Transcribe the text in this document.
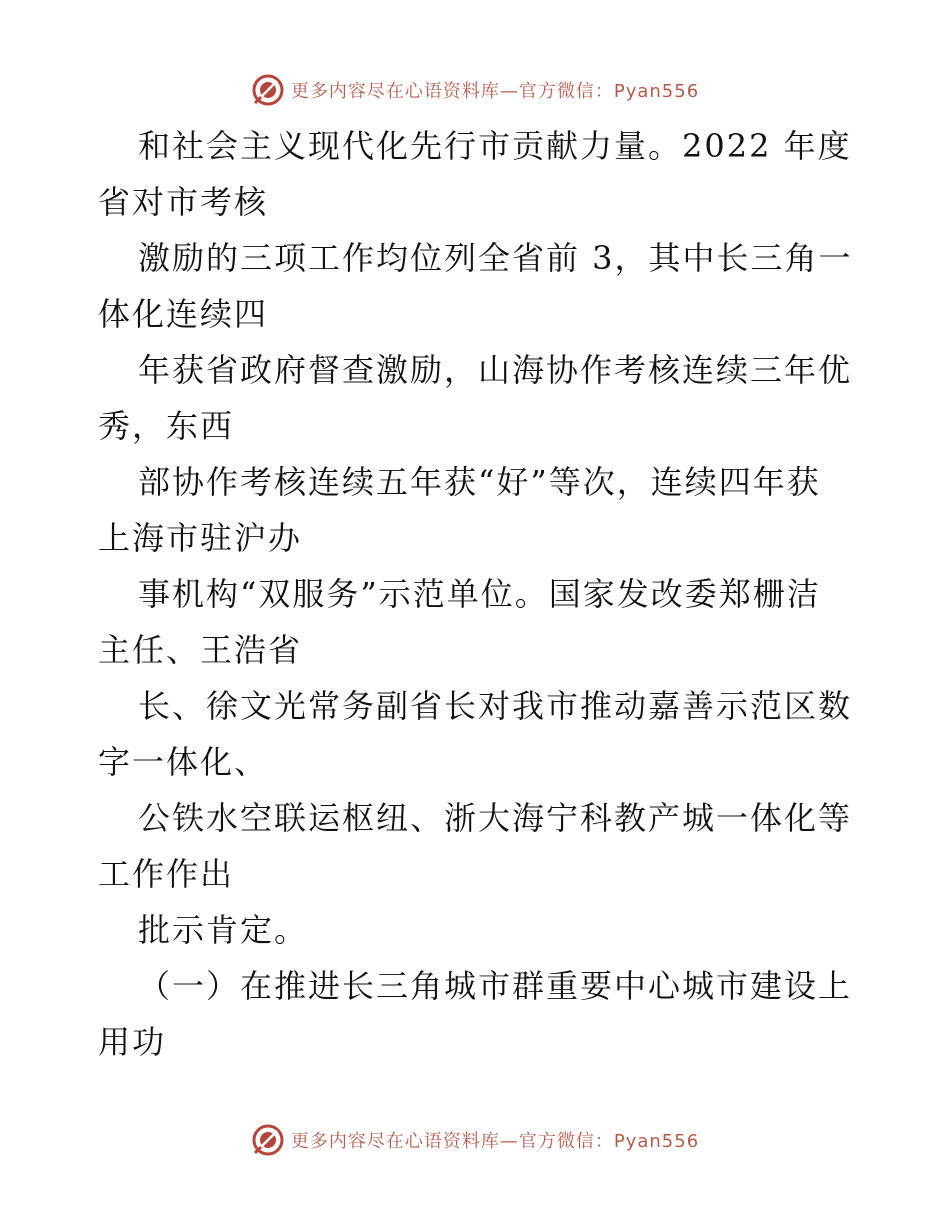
更多内容尽在心语资料库—官方微信：Pyan556

和社会主义现代化先行市贡献力量。2022 年度

省对市考核

激励的三项工作均位列全省前 3，其中长三角一

体化连续四

年获省政府督查激励，山海协作考核连续三年优

秀，东西

部协作考核连续五年获“好”等次，连续四年获

上海市驻沪办

事机构“双服务”示范单位。国家发改委郑栅洁

主任、王浩省

长、徐文光常务副省长对我市推动嘉善示范区数

字一体化、

公铁水空联运枢纽、浙大海宁科教产城一体化等

工作作出

批示肯定。

（一）在推进长三角城市群重要中心城市建设上

用功

更多内容尽在心语资料库—官方微信：Pyan556
